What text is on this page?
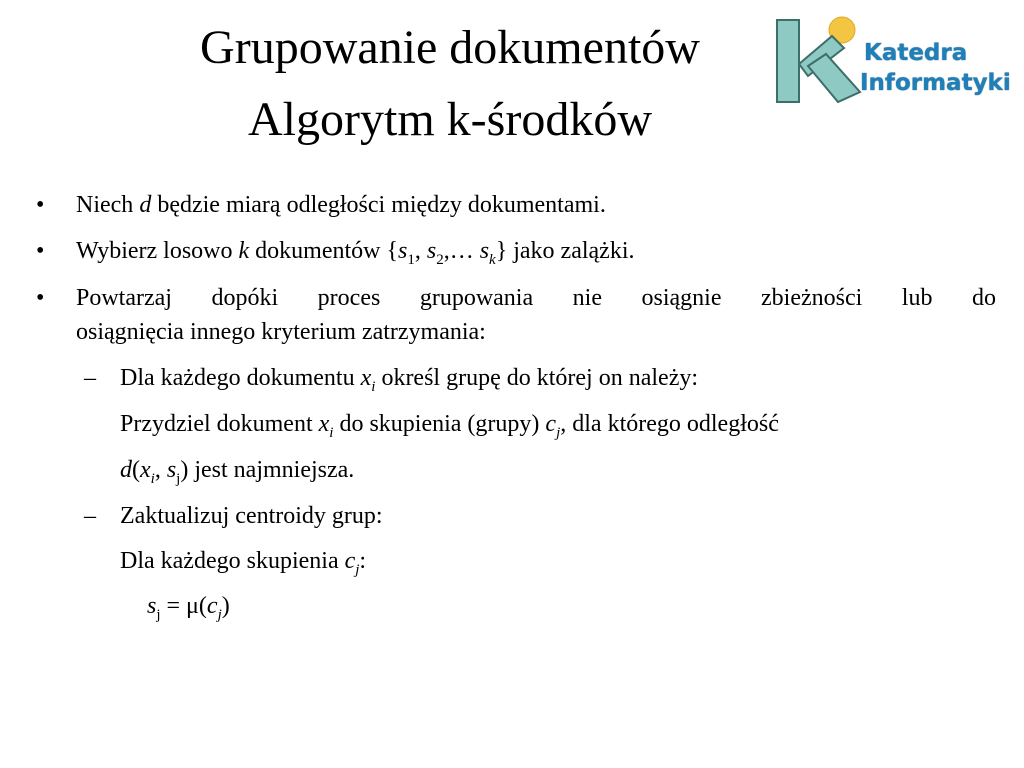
Grupowanie dokumentów
Algorytm k-środków
Katedra
Informatyki
• Niech d będzie miarą odległości między dokumentami.
• Wybierz losowo k dokumentów {$s_1$, $s_2,\dots$ $s_k$} jako zalążki.
• Powtarzaj dopóki proces grupowania nie osiągnie zbieżności lub do
osiągnięcia innego kryterium zatrzymania:
– Dla każdego dokumentu $x_i$ określ grupę do której on należy:
Przydziel dokument $x_i$ do skupienia (grupy) $c_j$, dla którego odległość
$d(x_i$, $s_j$) jest najmniejsza.
– Zaktualizuj centroidy grup:
Dla każdego skupienia $c_j$:
$s_j = \mu(c_j)$
